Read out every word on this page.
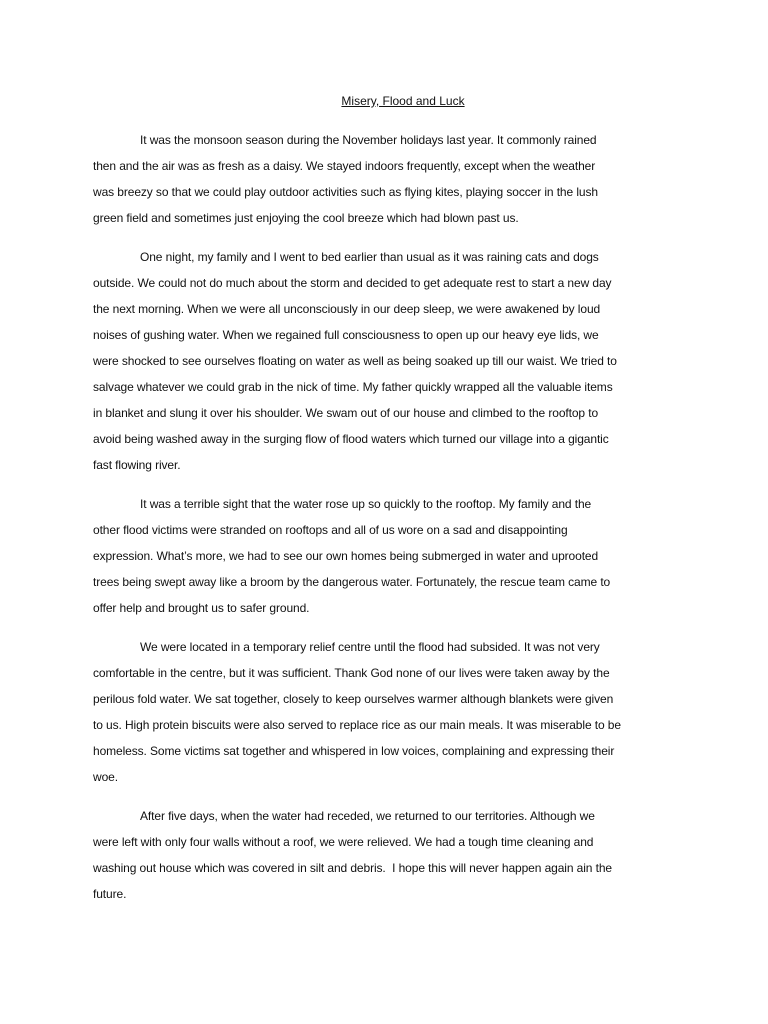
Misery, Flood and Luck
It was the monsoon season during the November holidays last year. It commonly rained
then and the air was as fresh as a daisy. We stayed indoors frequently, except when the weather
was breezy so that we could play outdoor activities such as flying kites, playing soccer in the lush
green field and sometimes just enjoying the cool breeze which had blown past us.
One night, my family and I went to bed earlier than usual as it was raining cats and dogs
outside. We could not do much about the storm and decided to get adequate rest to start a new day
the next morning. When we were all unconsciously in our deep sleep, we were awakened by loud
noises of gushing water. When we regained full consciousness to open up our heavy eye lids, we
were shocked to see ourselves floating on water as well as being soaked up till our waist. We tried to
salvage whatever we could grab in the nick of time. My father quickly wrapped all the valuable items
in blanket and slung it over his shoulder. We swam out of our house and climbed to the rooftop to
avoid being washed away in the surging flow of flood waters which turned our village into a gigantic
fast flowing river.
It was a terrible sight that the water rose up so quickly to the rooftop. My family and the
other flood victims were stranded on rooftops and all of us wore on a sad and disappointing
expression. What’s more, we had to see our own homes being submerged in water and uprooted
trees being swept away like a broom by the dangerous water. Fortunately, the rescue team came to
offer help and brought us to safer ground.
We were located in a temporary relief centre until the flood had subsided. It was not very
comfortable in the centre, but it was sufficient. Thank God none of our lives were taken away by the
perilous fold water. We sat together, closely to keep ourselves warmer although blankets were given
to us. High protein biscuits were also served to replace rice as our main meals. It was miserable to be
homeless. Some victims sat together and whispered in low voices, complaining and expressing their
woe.
After five days, when the water had receded, we returned to our territories. Although we
were left with only four walls without a roof, we were relieved. We had a tough time cleaning and
washing out house which was covered in silt and debris.  I hope this will never happen again ain the
future.
